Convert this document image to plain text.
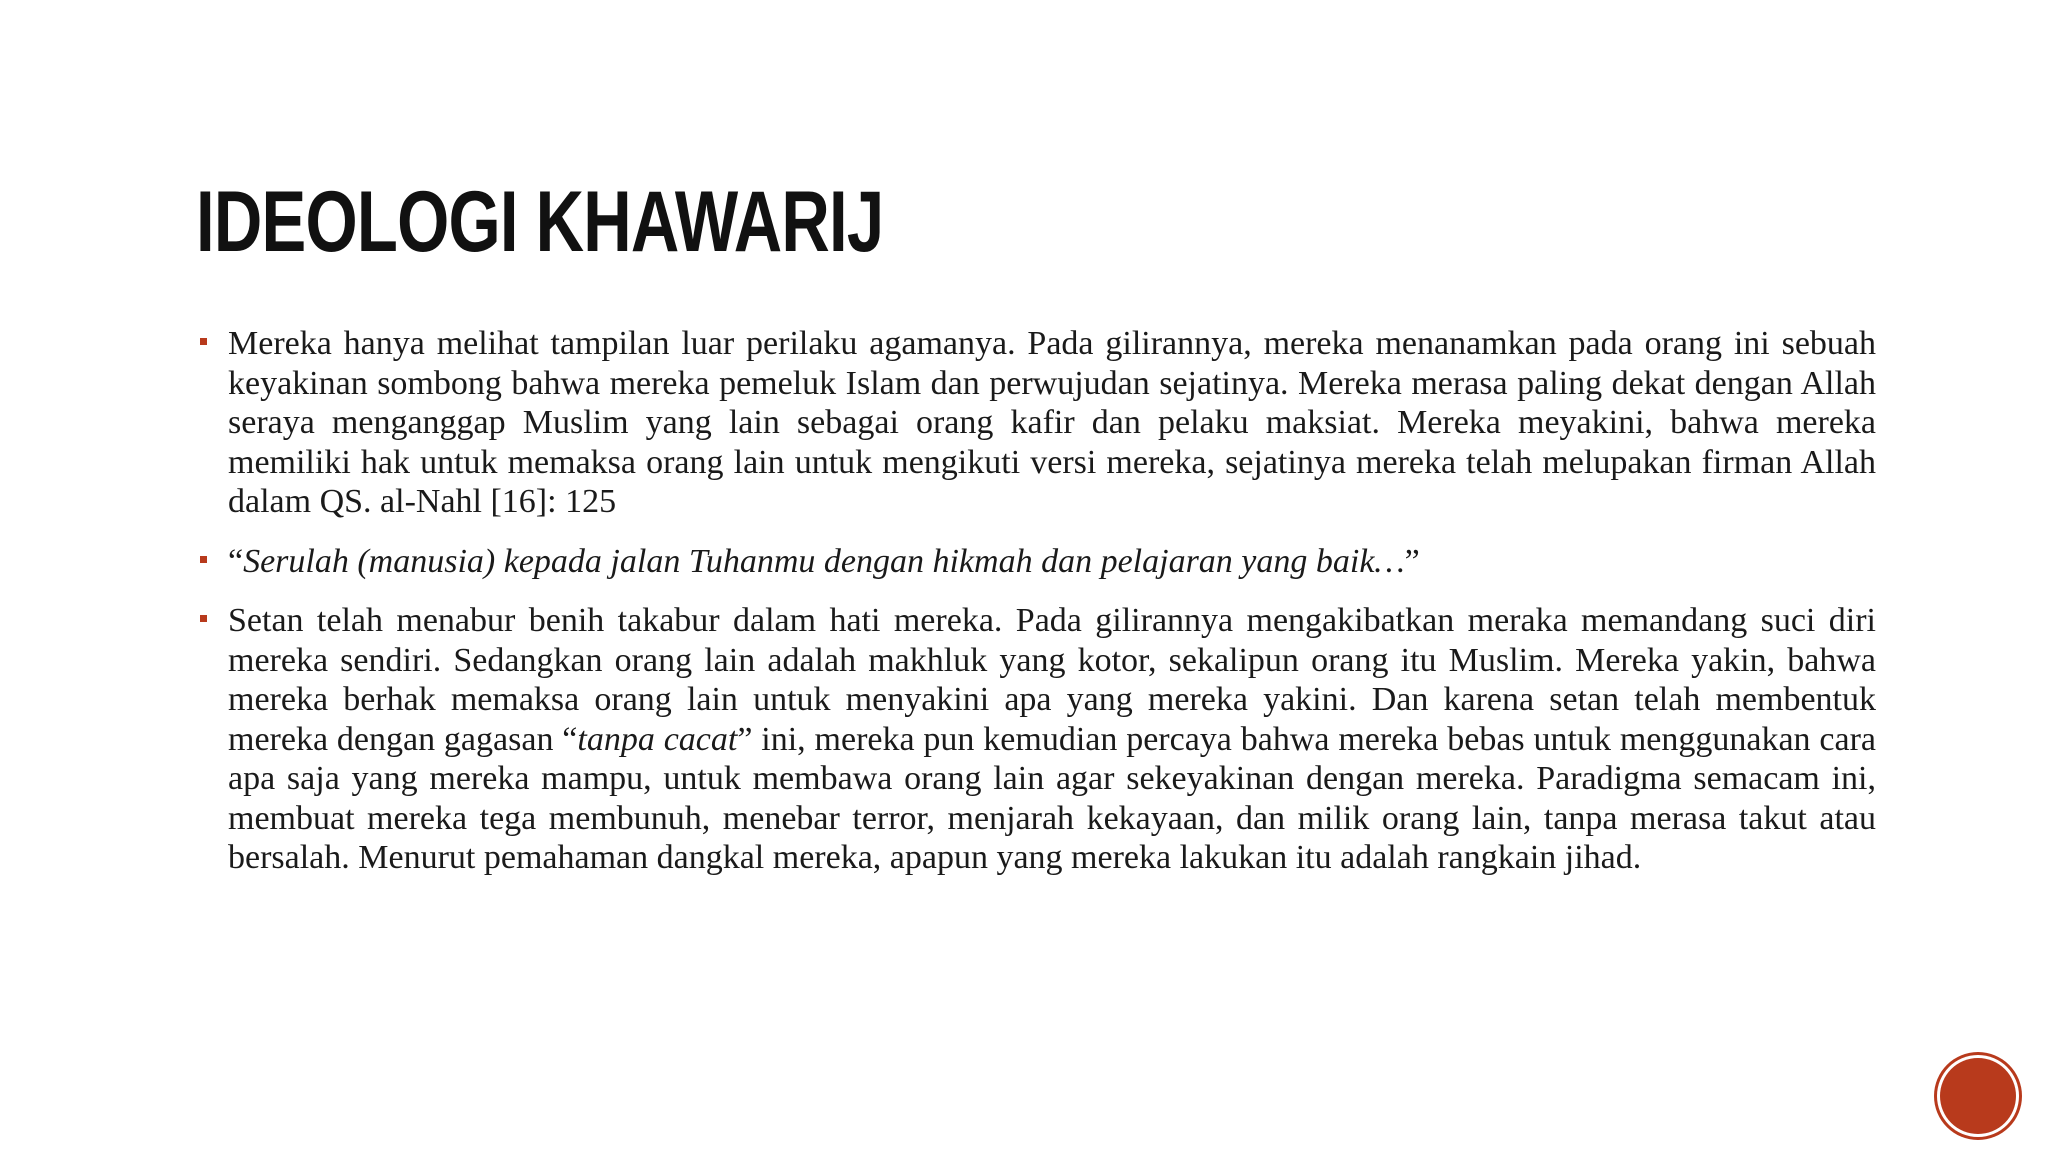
IDEOLOGI KHAWARIJ
Mereka hanya melihat tampilan luar perilaku agamanya. Pada gilirannya, mereka menanamkan pada orang ini sebuah keyakinan sombong bahwa mereka pemeluk Islam dan perwujudan sejatinya. Mereka merasa paling dekat dengan Allah seraya menganggap Muslim yang lain sebagai orang kafir dan pelaku maksiat. Mereka meyakini, bahwa mereka memiliki hak untuk memaksa orang lain untuk mengikuti versi mereka, sejatinya mereka telah melupakan firman Allah dalam QS. al-Nahl [16]: 125
“Serulah (manusia) kepada jalan Tuhanmu dengan hikmah dan pelajaran yang baik…”
Setan telah menabur benih takabur dalam hati mereka. Pada gilirannya mengakibatkan meraka memandang suci diri mereka sendiri. Sedangkan orang lain adalah makhluk yang kotor, sekalipun orang itu Muslim. Mereka yakin, bahwa mereka berhak memaksa orang lain untuk menyakini apa yang mereka yakini. Dan karena setan telah membentuk mereka dengan gagasan “tanpa cacat” ini, mereka pun kemudian percaya bahwa mereka bebas untuk menggunakan cara apa saja yang mereka mampu, untuk membawa orang lain agar sekeyakinan dengan mereka. Paradigma semacam ini, membuat mereka tega membunuh, menebar terror, menjarah kekayaan, dan milik orang lain, tanpa merasa takut atau bersalah. Menurut pemahaman dangkal mereka, apapun yang mereka lakukan itu adalah rangkain jihad.
